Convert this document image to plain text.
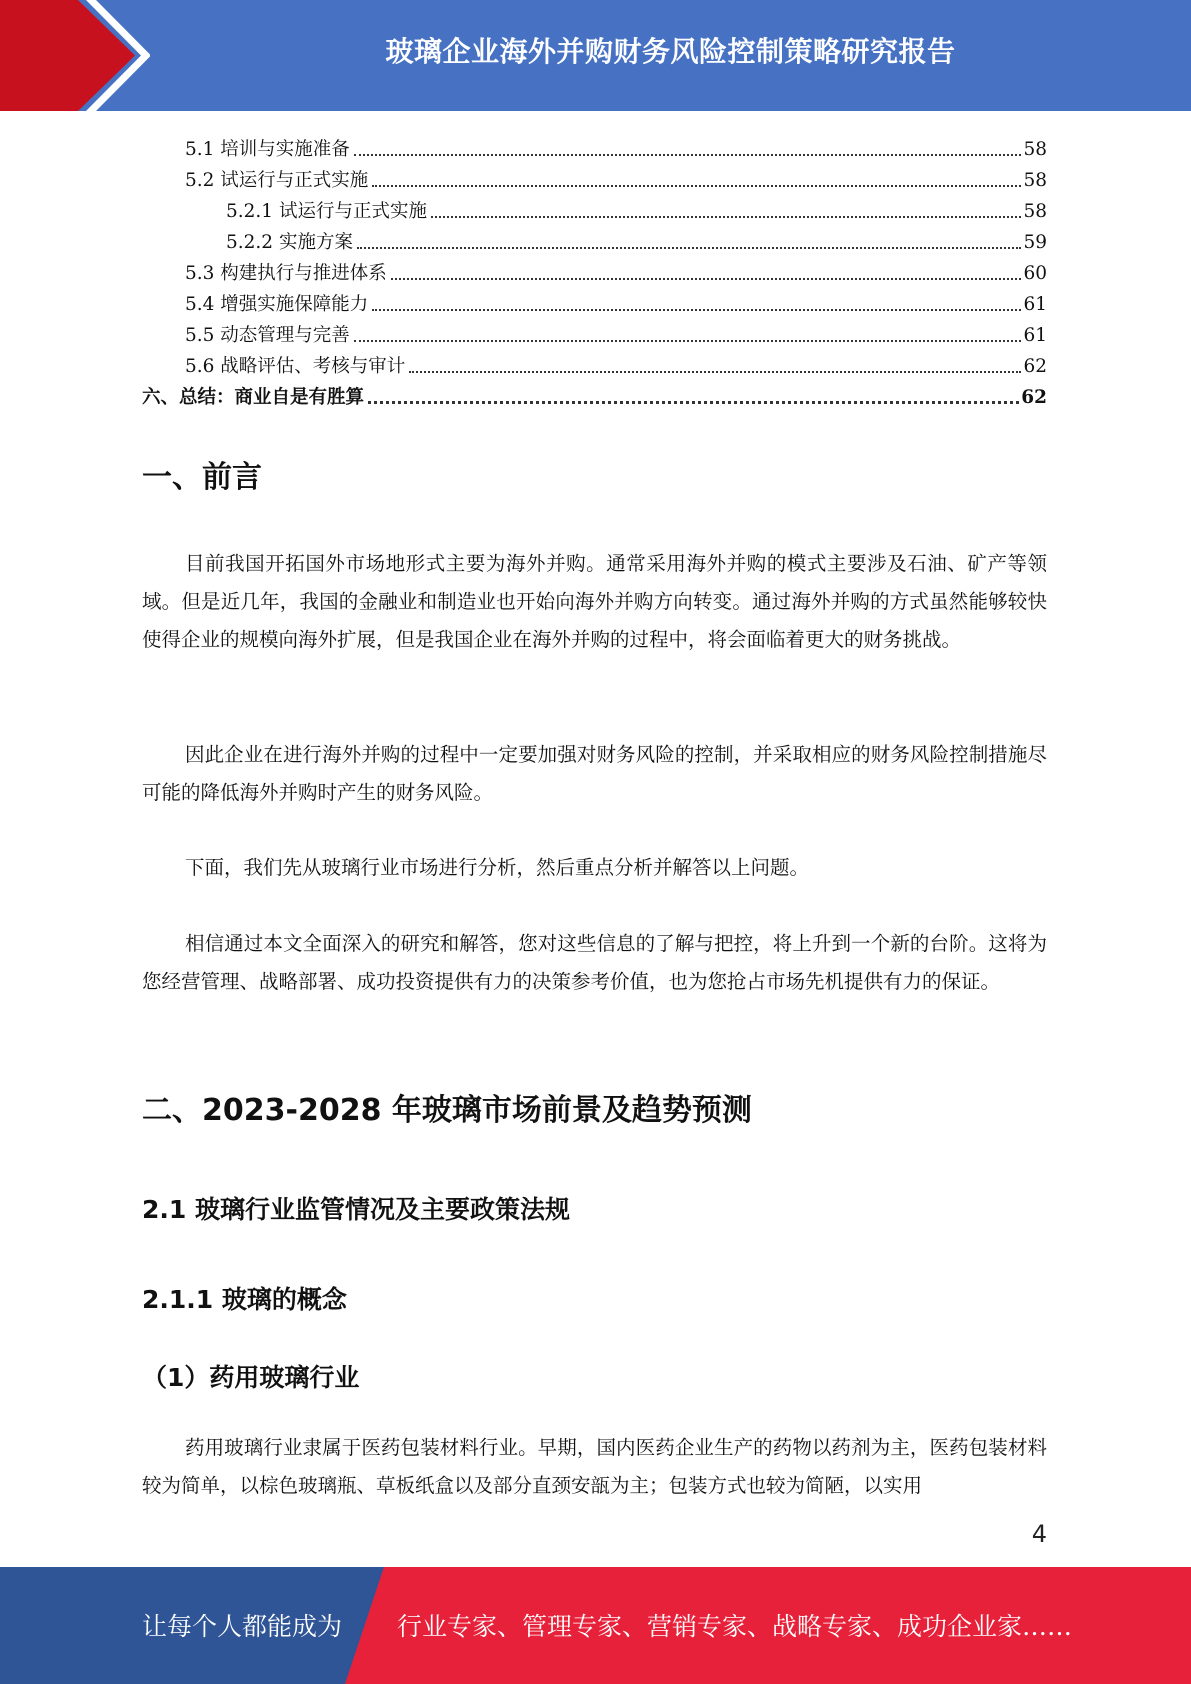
玻璃企业海外并购财务风险控制策略研究报告
5.1 培训与实施准备	58
5.2 试运行与正式实施	58
5.2.1 试运行与正式实施	58
5.2.2 实施方案	59
5.3 构建执行与推进体系	60
5.4 增强实施保障能力	61
5.5 动态管理与完善	61
5.6 战略评估、考核与审计	62
六、总结：商业自是有胜算	62
一、前言

目前我国开拓国外市场地形式主要为海外并购。通常采用海外并购的模式主要涉及石油、矿产等领域。但是近几年，我国的金融业和制造业也开始向海外并购方向转变。通过海外并购的方式虽然能够较快使得企业的规模向海外扩展，但是我国企业在海外并购的过程中，将会面临着更大的财务挑战。

因此企业在进行海外并购的过程中一定要加强对财务风险的控制，并采取相应的财务风险控制措施尽可能的降低海外并购时产生的财务风险。

下面，我们先从玻璃行业市场进行分析，然后重点分析并解答以上问题。

相信通过本文全面深入的研究和解答，您对这些信息的了解与把控，将上升到一个新的台阶。这将为您经营管理、战略部署、成功投资提供有力的决策参考价值，也为您抢占市场先机提供有力的保证。

二、2023-2028 年玻璃市场前景及趋势预测
2.1 玻璃行业监管情况及主要政策法规
2.1.1 玻璃的概念
（1）药用玻璃行业

药用玻璃行业隶属于医药包装材料行业。早期，国内医药企业生产的药物以药剂为主，医药包装材料较为简单，以棕色玻璃瓶、草板纸盒以及部分直颈安瓿为主；包装方式也较为简陋，以实用

4
让每个人都能成为 行业专家、管理专家、营销专家、战略专家、成功企业家……
